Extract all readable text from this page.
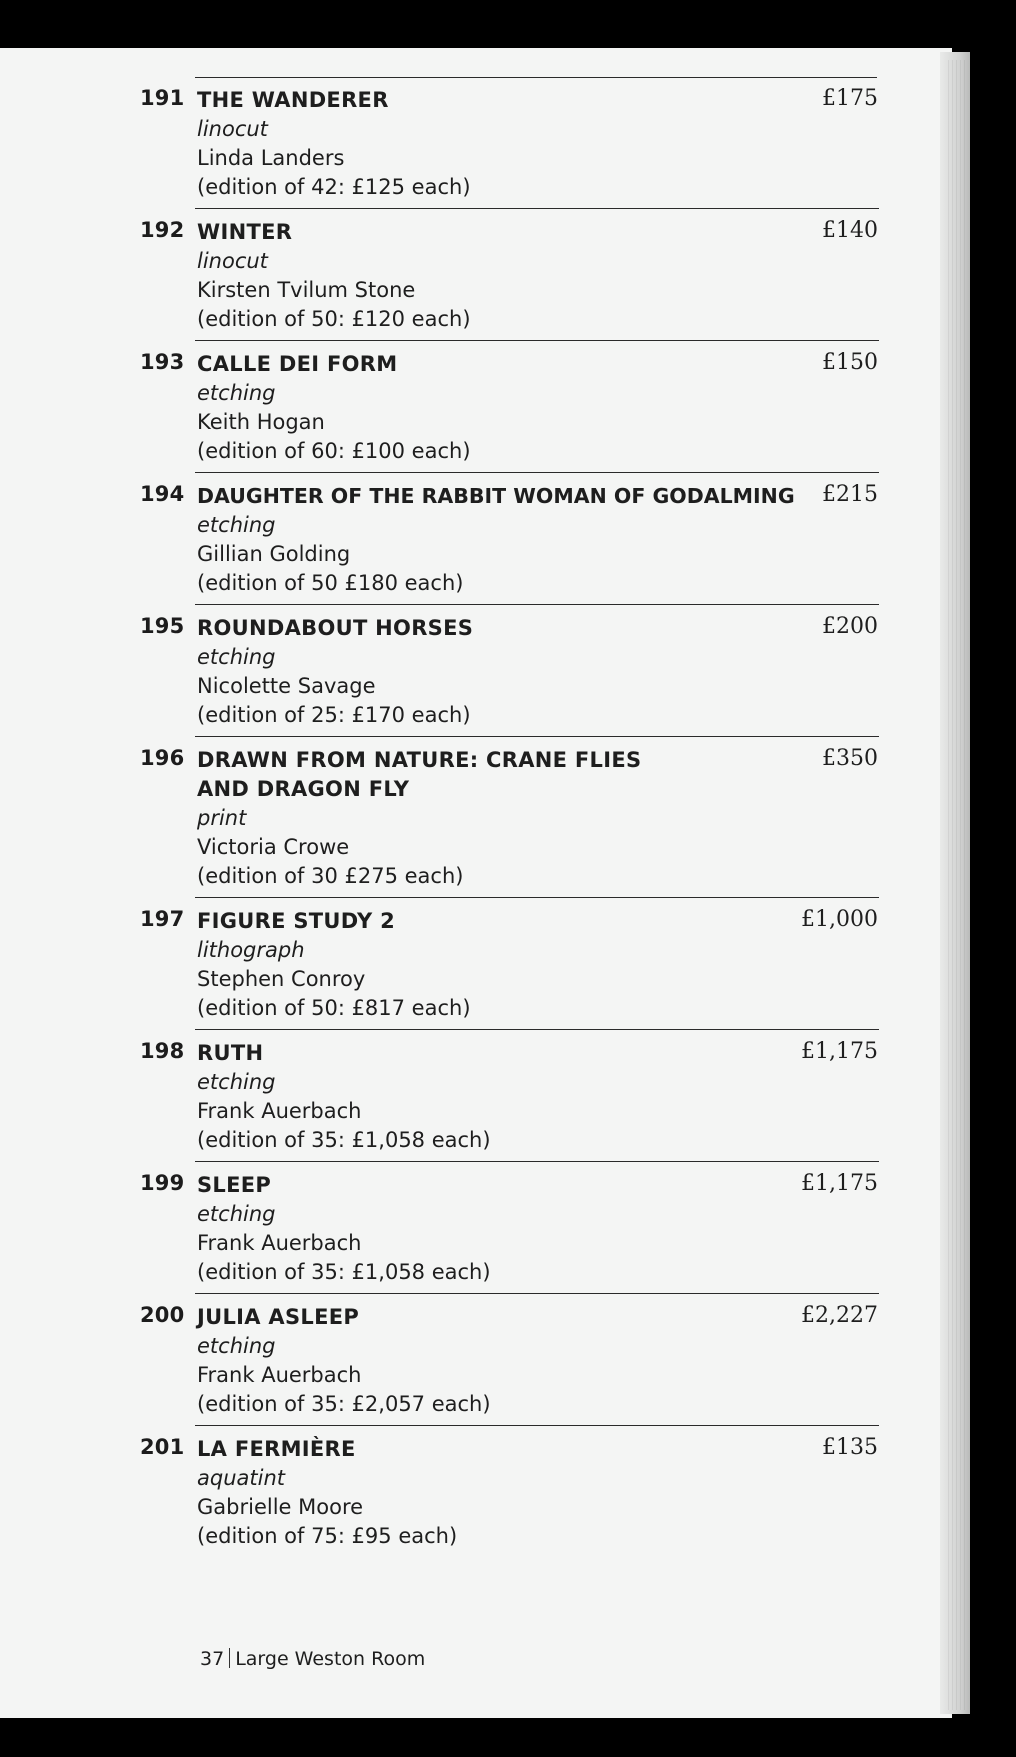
191 THE WANDERER
linocut
Linda Landers
(edition of 42: £125 each)
£175
192 WINTER
linocut
Kirsten Tvilum Stone
(edition of 50: £120 each)
£140
193 CALLE DEI FORM
etching
Keith Hogan
(edition of 60: £100 each)
£150
194 DAUGHTER OF THE RABBIT WOMAN OF GODALMING
etching
Gillian Golding
(edition of 50 £180 each)
£215
195 ROUNDABOUT HORSES
etching
Nicolette Savage
(edition of 25: £170 each)
£200
196 DRAWN FROM NATURE: CRANE FLIES AND DRAGON FLY
print
Victoria Crowe
(edition of 30 £275 each)
£350
197 FIGURE STUDY 2
lithograph
Stephen Conroy
(edition of 50: £817 each)
£1,000
198 RUTH
etching
Frank Auerbach
(edition of 35: £1,058 each)
£1,175
199 SLEEP
etching
Frank Auerbach
(edition of 35: £1,058 each)
£1,175
200 JULIA ASLEEP
etching
Frank Auerbach
(edition of 35: £2,057 each)
£2,227
201 LA FERMIÈRE
aquatint
Gabrielle Moore
(edition of 75: £95 each)
£135
37 Large Weston Room
